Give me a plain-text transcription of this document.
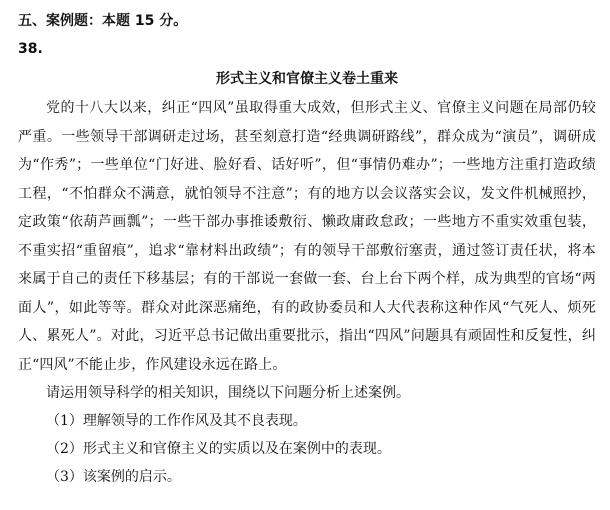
五、案例题：本题 15 分。

38.

形式主义和官僚主义卷土重来

党的十八大以来，纠正“四风”虽取得重大成效，但形式主义、官僚主义问题在局部仍较严重。一些领导干部调研走过场，甚至刻意打造“经典调研路线”，群众成为“演员”，调研成为“作秀”；一些单位“门好进、脸好看、话好听”，但“事情仍难办”；一些地方注重打造政绩工程，“不怕群众不满意，就怕领导不注意”；有的地方以会议落实会议，发文件机械照抄，定政策“依葫芦画瓢”；一些干部办事推诿敷衍、懒政庸政怠政；一些地方不重实效重包装，不重实招“重留痕”，追求“靠材料出政绩”；有的领导干部敷衍塞责，通过签订责任状，将本来属于自己的责任下移基层；有的干部说一套做一套、台上台下两个样，成为典型的官场“两面人”，如此等等。群众对此深恶痛绝，有的政协委员和人大代表称这种作风“气死人、烦死人、累死人”。对此，习近平总书记做出重要批示，指出“四风”问题具有顽固性和反复性，纠正“四风”不能止步，作风建设永远在路上。

请运用领导科学的相关知识，围绕以下问题分析上述案例。

（1）理解领导的工作作风及其不良表现。

（2）形式主义和官僚主义的实质以及在案例中的表现。

（3）该案例的启示。
